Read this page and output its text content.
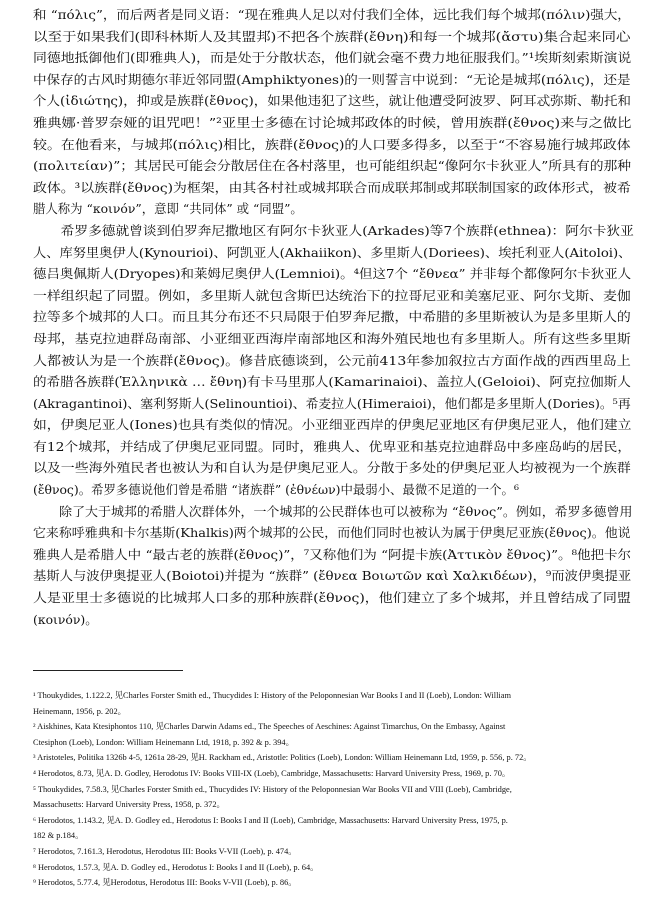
和 “πόλις”，而后两者是同义语：“现在雅典人足以对付我们全体，远比我们每个城邦(πόλιν)强大，
以至于如果我们(即科林斯人及其盟邦)不把各个族群(ἔθνη)和每一个城邦(ἄστυ)集合起来同心
同德地抵御他们(即雅典人)，而是处于分散状态，他们就会毫不费力地征服我们。”¹埃斯刻索斯演说
中保存的古风时期德尔菲近邻同盟(Amphiktyones)的一则誓言中说到：“无论是城邦(πόλις)，还是
个人(ἰδιώτης)，抑或是族群(ἔθνος)，如果他违犯了这些，就让他遭受阿波罗、阿耳忒弥斯、勒托和
雅典娜·普罗奈娅的诅咒吧！”²亚里士多德在讨论城邦政体的时候，曾用族群(ἔθνος)来与之做比
较。在他看来，与城邦(πόλις)相比，族群(ἔθνος)的人口要多得多，以至于“不容易施行城邦政体
(πολιτείαν)”；其居民可能会分散居住在各村落里，也可能组织起“像阿尔卡狄亚人”所具有的那种
政体。³以族群(ἔθνος)为框架，由其各村社或城邦联合而成联邦制或邦联制国家的政体形式，被希
腊人称为 “κοινόν”，意即 “共同体” 或 “同盟”。
希罗多德就曾谈到伯罗奔尼撒地区有阿尔卡狄亚人(Arkades)等7个族群(ethnea)：阿尔卡狄亚
人、库努里奥伊人(Kynourioi)、阿凯亚人(Akhaiikon)、多里斯人(Doriees)、埃托利亚人(Aitoloi)、
德吕奥佩斯人(Dryopes)和莱姆尼奥伊人(Lemnioi)。⁴但这7个 “ἔθνεα” 并非每个都像阿尔卡狄亚人
一样组织起了同盟。例如，多里斯人就包含斯巴达统治下的拉哥尼亚和美塞尼亚、阿尔戈斯、麦伽
拉等多个城邦的人口。而且其分布还不只局限于伯罗奔尼撒，中希腊的多里斯被认为是多里斯人的
母邦，基克拉迪群岛南部、小亚细亚西海岸南部地区和海外殖民地也有多里斯人。所有这些多里斯
人都被认为是一个族群(ἔθνος)。修昔底德谈到，公元前413年参加叙拉古方面作战的西西里岛上
的希腊各族群(Ἑλληνικὰ … ἔθνη)有卡马里那人(Kamarinaioi)、盖拉人(Geloioi)、阿克拉伽斯人
(Akragantinoi)、塞利努斯人(Selinountioi)、希麦拉人(Himeraioi)，他们都是多里斯人(Dories)。⁵再
如，伊奥尼亚人(Iones)也具有类似的情况。小亚细亚西岸的伊奥尼亚地区有伊奥尼亚人，他们建立
有12个城邦，并结成了伊奥尼亚同盟。同时，雅典人、优卑亚和基克拉迪群岛中多座岛屿的居民，
以及一些海外殖民者也被认为和自认为是伊奥尼亚人。分散于多处的伊奥尼亚人均被视为一个族群
(ἔθνος)。希罗多德说他们曾是希腊 “诸族群” (ἐθνέων)中最弱小、最微不足道的一个。⁶
除了大于城邦的希腊人次群体外，一个城邦的公民群体也可以被称为 “ἔθνος”。例如，希罗多德曾用
它来称呼雅典和卡尔基斯(Khalkis)两个城邦的公民，而他们同时也被认为属于伊奥尼亚族(ἔθνος)。他说
雅典人是希腊人中 “最古老的族群(ἔθνος)”，⁷又称他们为 “阿提卡族(Ἀττικὸν ἔθνος)”。⁸他把卡尔
基斯人与波伊奥提亚人(Boiotoi)并提为 “族群” (ἔθνεα Βοιωτῶν καὶ Χαλκιδέων)，⁹而波伊奥提亚
人是亚里士多德说的比城邦人口多的那种族群(ἔθνος)，他们建立了多个城邦，并且曾结成了同盟
(κοινόν)。
¹ Thoukydides, 1.122.2, 见Charles Forster Smith ed., Thucydides I: History of the Peloponnesian War Books I and II (Loeb), London: William
Heinemann, 1956, p. 202。
² Aiskhines, Kata Ktesiphontos 110, 见Charles Darwin Adams ed., The Speeches of Aeschines: Against Timarchus, On the Embassy, Against
Ctesiphon (Loeb), London: William Heinemann Ltd, 1918, p. 392 & p. 394。
³ Aristoteles, Politika 1326b 4-5, 1261a 28-29, 见H. Rackham ed., Aristotle: Politics (Loeb), London: William Heinemann Ltd, 1959, p. 556, p. 72。
⁴ Herodotos, 8.73, 见A. D. Godley, Herodotus IV: Books VIII-IX (Loeb), Cambridge, Massachusetts: Harvard University Press, 1969, p. 70。
⁵ Thoukydides, 7.58.3, 见Charles Forster Smith ed., Thucydides IV: History of the Peloponnesian War Books VII and VIII (Loeb), Cambridge,
Massachusetts: Harvard University Press, 1958, p. 372。
⁶ Herodotos, 1.143.2, 见A. D. Godley ed., Herodotus I: Books I and II (Loeb), Cambridge, Massachusetts: Harvard University Press, 1975, p.
182 & p.184。
⁷ Herodotos, 7.161.3, Herodotus, Herodotus III: Books V-VII (Loeb), p. 474。
⁸ Herodotos, 1.57.3, 见A. D. Godley ed., Herodotus I: Books I and II (Loeb), p. 64。
⁹ Herodotos, 5.77.4, 见Herodotus, Herodotus III: Books V-VII (Loeb), p. 86。
